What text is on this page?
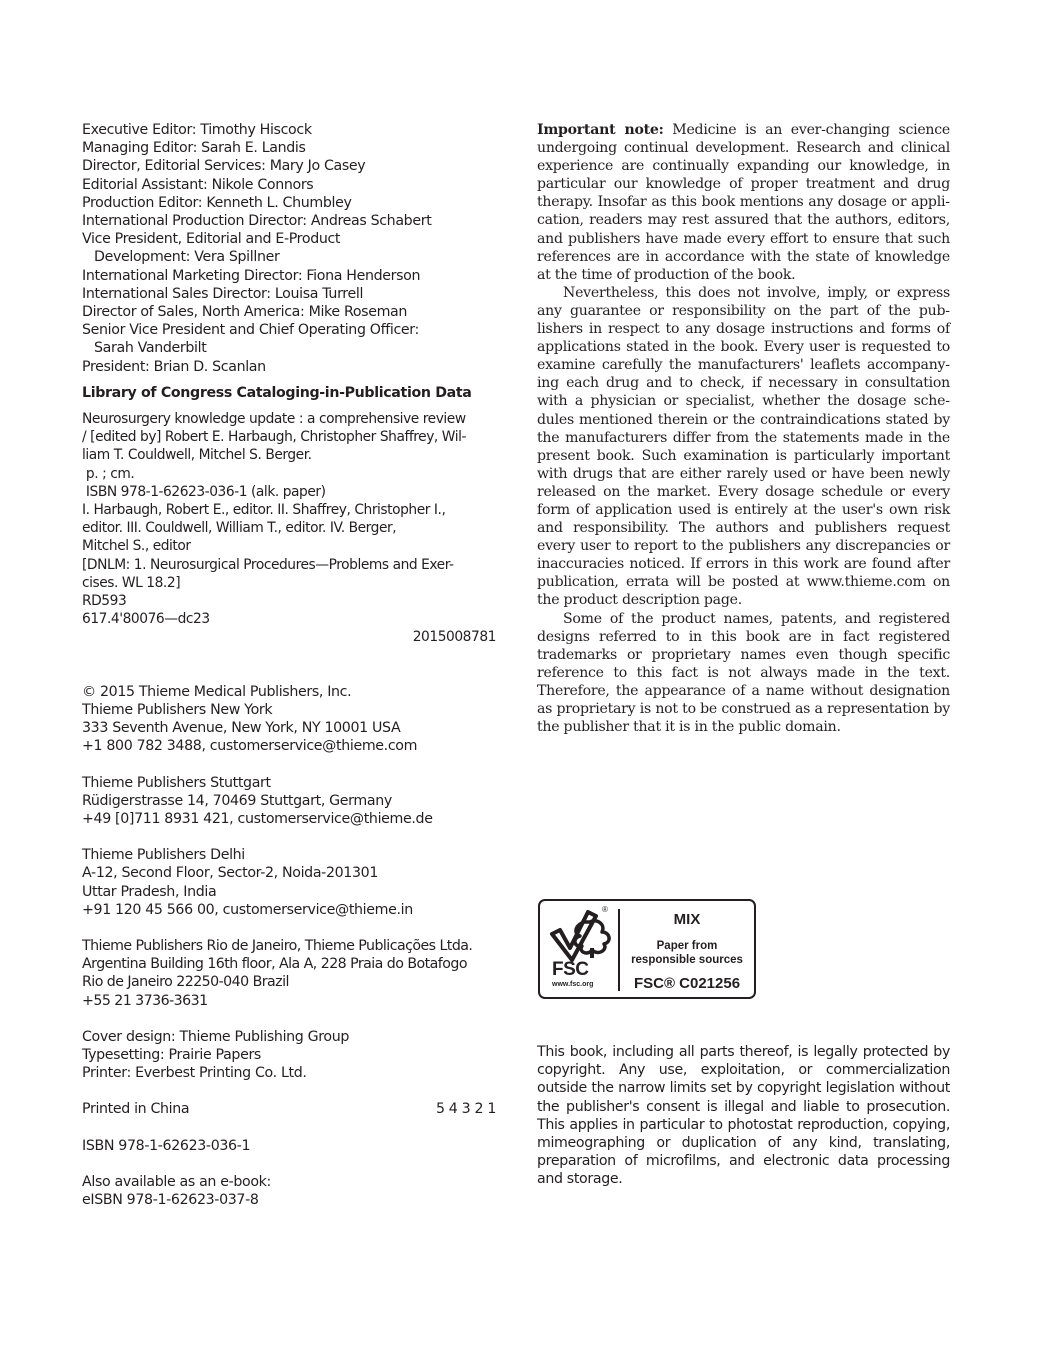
Executive Editor: Timothy Hiscock
Managing Editor: Sarah E. Landis
Director, Editorial Services: Mary Jo Casey
Editorial Assistant: Nikole Connors
Production Editor: Kenneth L. Chumbley
International Production Director: Andreas Schabert
Vice President, Editorial and E-Product
Development: Vera Spillner
International Marketing Director: Fiona Henderson
International Sales Director: Louisa Turrell
Director of Sales, North America: Mike Roseman
Senior Vice President and Chief Operating Officer:
Sarah Vanderbilt
President: Brian D. Scanlan
Library of Congress Cataloging-in-Publication Data
Neurosurgery knowledge update : a comprehensive review
/ [edited by] Robert E. Harbaugh, Christopher Shaffrey, Wil-
liam T. Couldwell, Mitchel S. Berger.
p. ; cm.
ISBN 978-1-62623-036-1 (alk. paper)
I. Harbaugh, Robert E., editor. II. Shaffrey, Christopher I.,
editor. III. Couldwell, William T., editor. IV. Berger,
Mitchel S., editor
[DNLM: 1. Neurosurgical Procedures—Problems and Exer-
cises. WL 18.2]
RD593
617.4'80076—dc23
2015008781
© 2015 Thieme Medical Publishers, Inc.
Thieme Publishers New York
333 Seventh Avenue, New York, NY 10001 USA
+1 800 782 3488, customerservice@thieme.com
Thieme Publishers Stuttgart
Rüdigerstrasse 14, 70469 Stuttgart, Germany
+49 [0]711 8931 421, customerservice@thieme.de
Thieme Publishers Delhi
A-12, Second Floor, Sector-2, Noida-201301
Uttar Pradesh, India
+91 120 45 566 00, customerservice@thieme.in
Thieme Publishers Rio de Janeiro, Thieme Publicações Ltda.
Argentina Building 16th floor, Ala A, 228 Praia do Botafogo
Rio de Janeiro 22250-040 Brazil
+55 21 3736-3631
Cover design: Thieme Publishing Group
Typesetting: Prairie Papers
Printer: Everbest Printing Co. Ltd.
Printed in China	5 4 3 2 1
ISBN 978-1-62623-036-1
Also available as an e-book:
eISBN 978-1-62623-037-8

Important note: Medicine is an ever-changing science undergoing continual development. Research and clinical experience are continually expanding our knowledge, in particular our knowledge of proper treatment and drug therapy. Insofar as this book mentions any dosage or application, readers may rest assured that the authors, editors, and publishers have made every effort to ensure that such references are in accordance with the state of knowledge at the time of production of the book.

Nevertheless, this does not involve, imply, or express any guarantee or responsibility on the part of the publishers in respect to any dosage instructions and forms of applications stated in the book. Every user is requested to examine carefully the manufacturers' leaflets accompanying each drug and to check, if necessary in consultation with a physician or specialist, whether the dosage schedules mentioned therein or the contraindications stated by the manufacturers differ from the statements made in the present book. Such examination is particularly important with drugs that are either rarely used or have been newly released on the market. Every dosage schedule or every form of application used is entirely at the user's own risk and responsibility. The authors and publishers request every user to report to the publishers any discrepancies or inaccuracies noticed. If errors in this work are found after publication, errata will be posted at www.thieme.com on the product description page.

Some of the product names, patents, and registered designs referred to in this book are in fact registered trademarks or proprietary names even though specific reference to this fact is not always made in the text. Therefore, the appearance of a name without designation as proprietary is not to be construed as a representation by the publisher that it is in the public domain.

®
FSC
www.fsc.org
MIX
Paper from
responsible sources
FSC® C021256
This book, including all parts thereof, is legally protected by copyright. Any use, exploitation, or commercialization outside the narrow limits set by copyright legislation without the publisher's consent is illegal and liable to prosecution. This applies in particular to photostat reproduction, copying, mimeographing or duplication of any kind, translating, preparation of microfilms, and electronic data processing and storage.
